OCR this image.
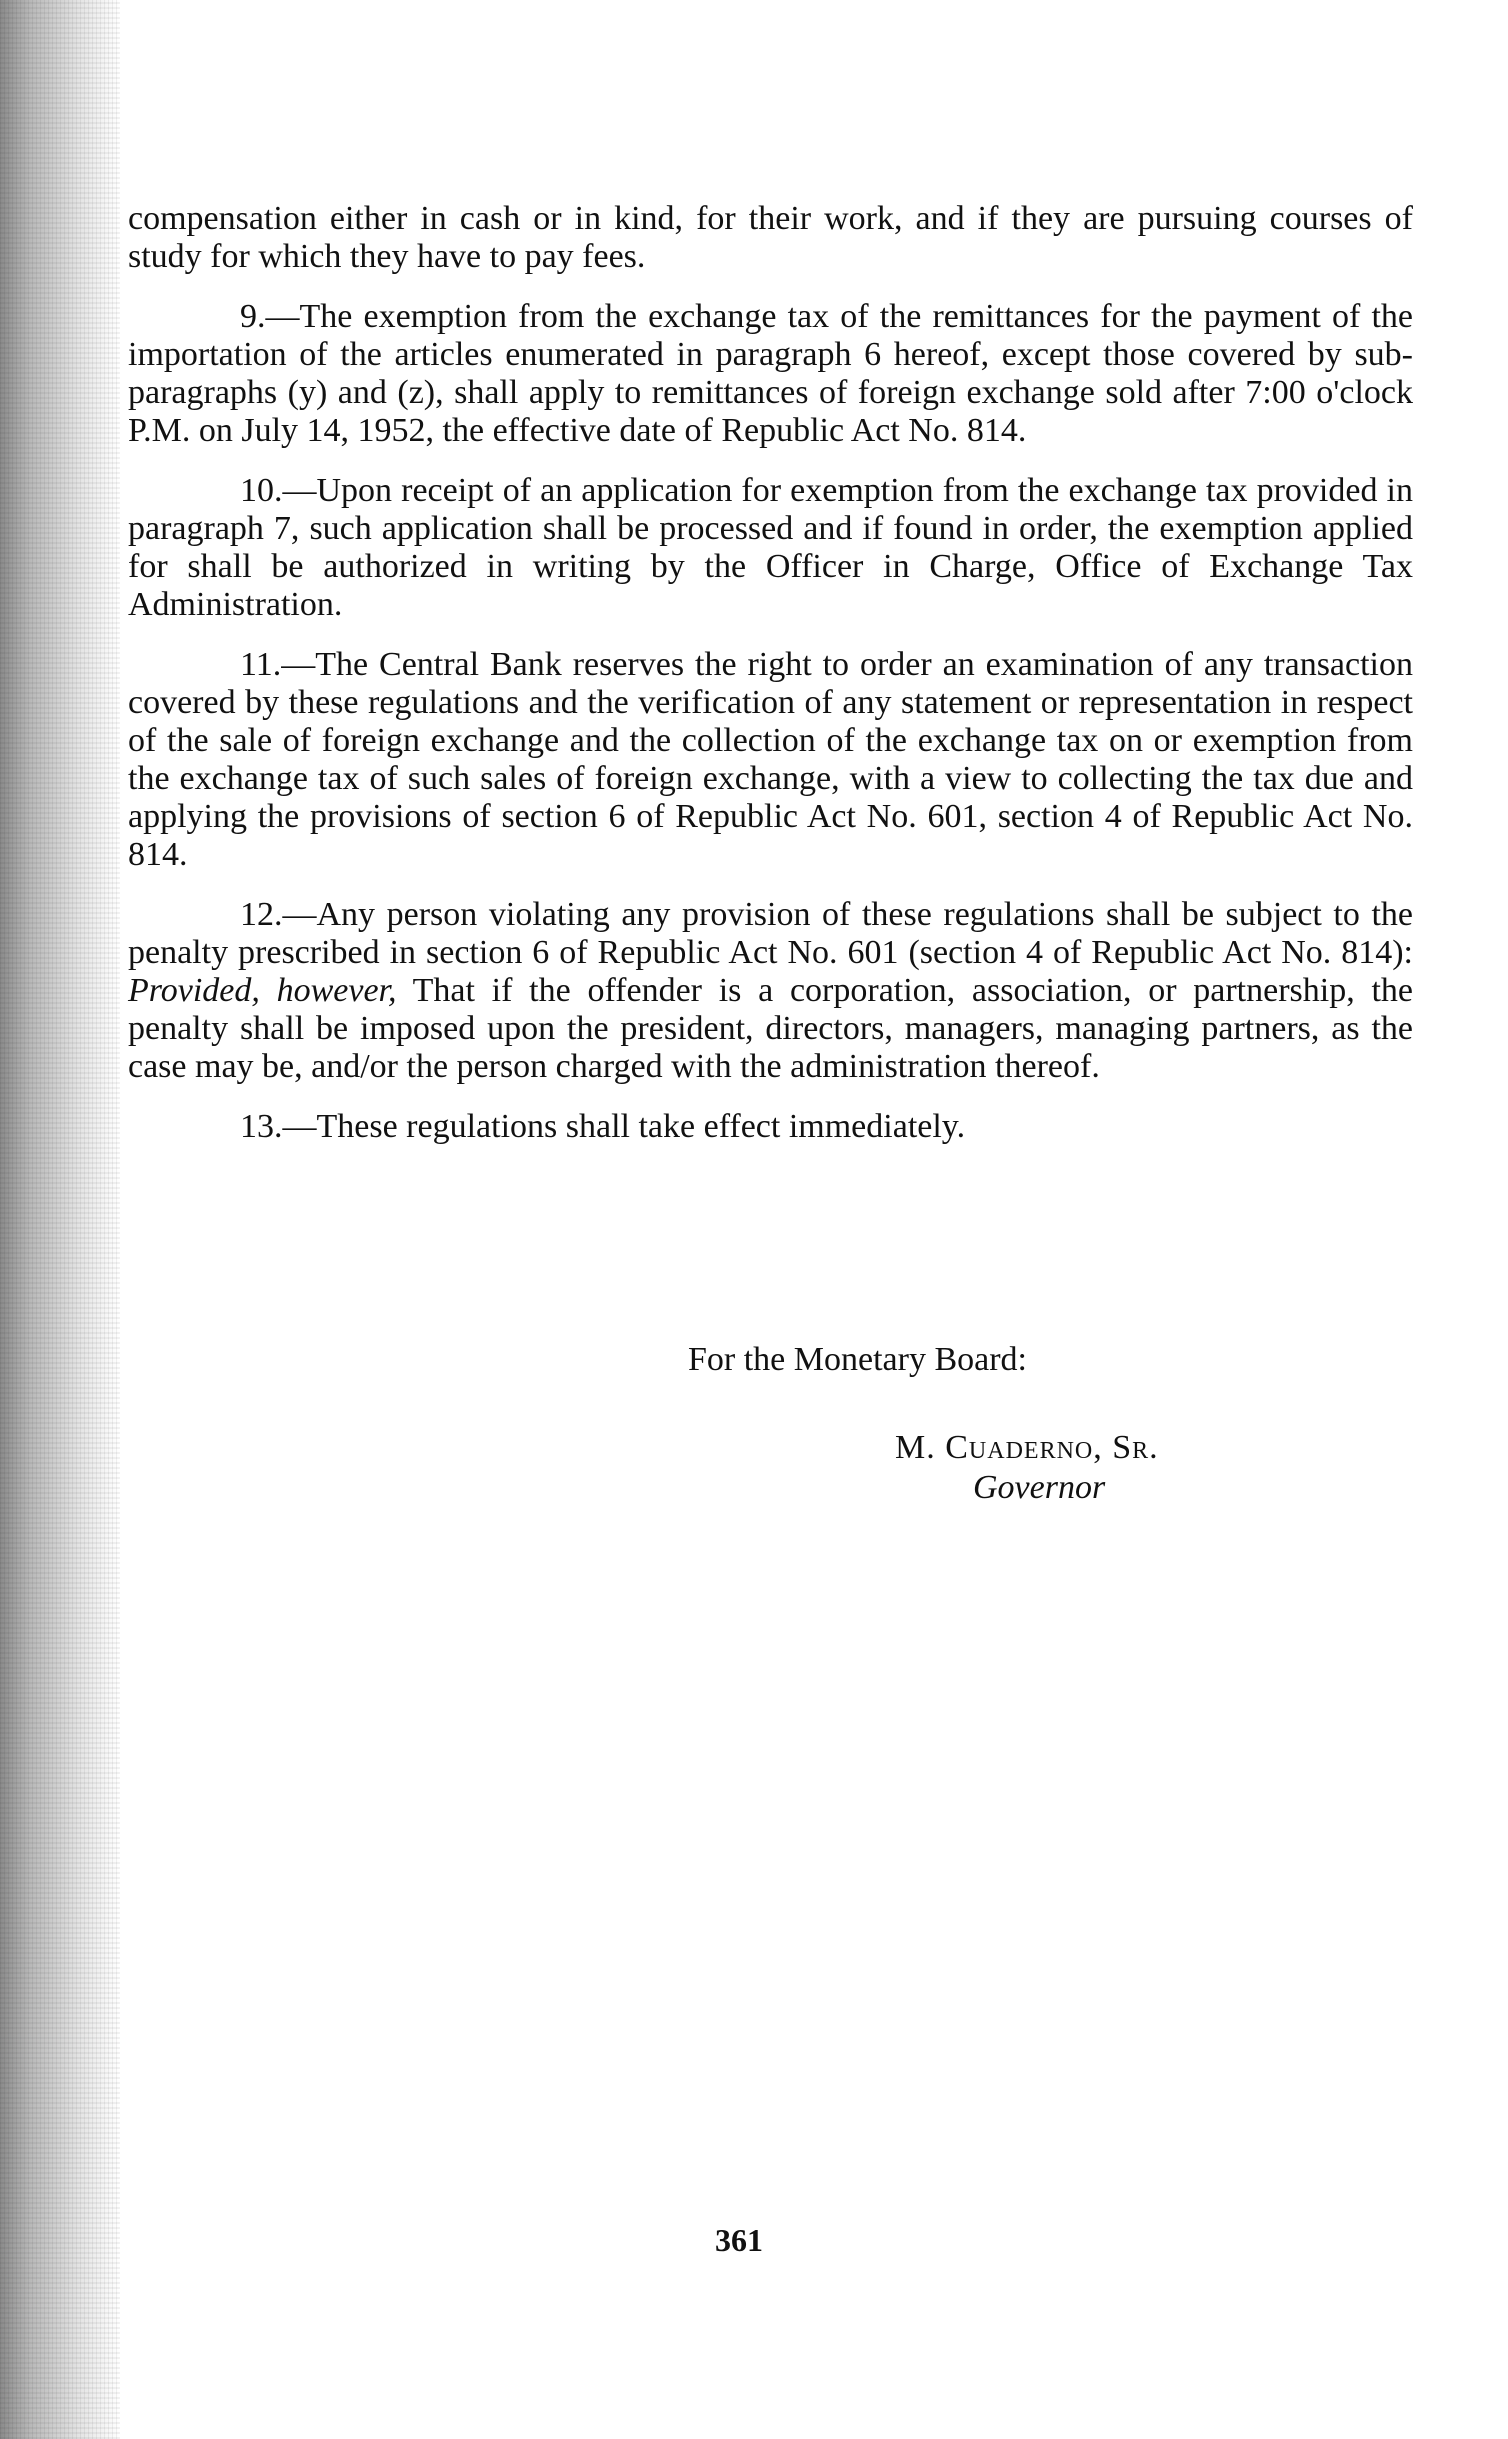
compensation either in cash or in kind, for their work, and if they are pursuing courses of study for which they have to pay fees.

9.—The exemption from the exchange tax of the remittances for the payment of the importation of the articles enumerated in paragraph 6 hereof, except those covered by sub-paragraphs (y) and (z), shall apply to remittances of foreign exchange sold after 7:00 o'clock P.M. on July 14, 1952, the effective date of Republic Act No. 814.

10.—Upon receipt of an application for exemption from the exchange tax provided in paragraph 7, such application shall be processed and if found in order, the exemption applied for shall be authorized in writing by the Officer in Charge, Office of Exchange Tax Administration.

11.—The Central Bank reserves the right to order an examination of any transaction covered by these regulations and the verification of any statement or representation in respect of the sale of foreign exchange and the collection of the exchange tax on or exemption from the exchange tax of such sales of foreign exchange, with a view to collecting the tax due and applying the provisions of section 6 of Republic Act No. 601, section 4 of Republic Act No. 814.

12.—Any person violating any provision of these regulations shall be subject to the penalty prescribed in section 6 of Republic Act No. 601 (section 4 of Republic Act No. 814): Provided, however, That if the offender is a corporation, association, or partnership, the penalty shall be imposed upon the president, directors, managers, managing partners, as the case may be, and/or the person charged with the administration thereof.

13.—These regulations shall take effect immediately.

For the Monetary Board:
M. Cuaderno, Sr.
Governor
361
